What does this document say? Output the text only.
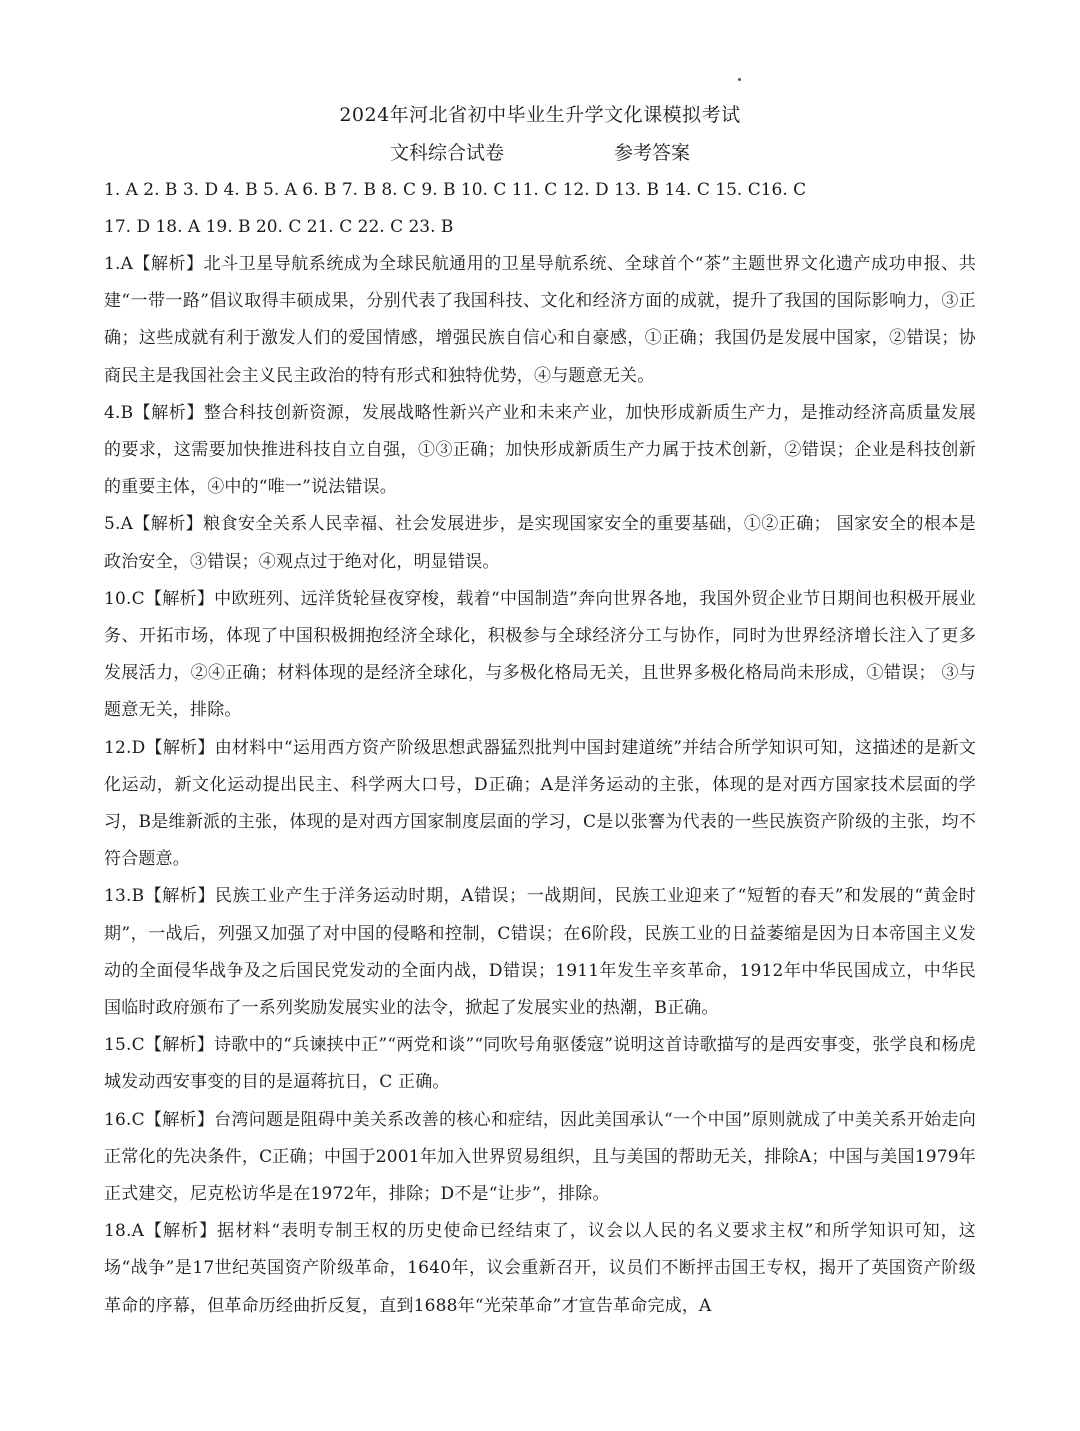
2024年河北省初中毕业生升学文化课模拟考试

文科综合试卷	参考答案

1. A 2. B 3. D 4. B 5. A 6. B 7. B 8. C 9. B 10. C 11. C 12. D 13. B 14. C 15. C16. C

17. D 18. A 19. B 20. C 21. C 22. C 23. B

1.A【解析】北斗卫星导航系统成为全球民航通用的卫星导航系统、全球首个“茶”主题世界文化遗产成功申报、共建“一带一路”倡议取得丰硕成果，分别代表了我国科技、文化和经济方面的成就，提升了我国的国际影响力，③正确；这些成就有利于激发人们的爱国情感，增强民族自信心和自豪感，①正确；我国仍是发展中国家，②错误；协商民主是我国社会主义民主政治的特有形式和独特优势，④与题意无关。

4.B【解析】整合科技创新资源，发展战略性新兴产业和未来产业，加快形成新质生产力，是推动经济高质量发展的要求，这需要加快推进科技自立自强，①③正确；加快形成新质生产力属于技术创新，②错误；企业是科技创新的重要主体，④中的“唯一”说法错误。

5.A【解析】粮食安全关系人民幸福、社会发展进步，是实现国家安全的重要基础，①②正确； 国家安全的根本是政治安全，③错误；④观点过于绝对化，明显错误。

10.C【解析】中欧班列、远洋货轮昼夜穿梭，载着“中国制造”奔向世界各地，我国外贸企业节日期间也积极开展业务、开拓市场，体现了中国积极拥抱经济全球化，积极参与全球经济分工与协作，同时为世界经济增长注入了更多发展活力，②④正确；材料体现的是经济全球化，与多极化格局无关，且世界多极化格局尚未形成，①错误； ③与题意无关，排除。

12.D【解析】由材料中“运用西方资产阶级思想武器猛烈批判中国封建道统”并结合所学知识可知，这描述的是新文化运动，新文化运动提出民主、科学两大口号，D正确；A是洋务运动的主张，体现的是对西方国家技术层面的学习，B是维新派的主张，体现的是对西方国家制度层面的学习，C是以张謇为代表的一些民族资产阶级的主张，均不符合题意。

13.B【解析】民族工业产生于洋务运动时期，A错误；一战期间，民族工业迎来了“短暂的春天”和发展的“黄金时期”，一战后，列强又加强了对中国的侵略和控制，C错误；在6阶段，民族工业的日益萎缩是因为日本帝国主义发动的全面侵华战争及之后国民党发动的全面内战，D错误；1911年发生辛亥革命，1912年中华民国成立，中华民国临时政府颁布了一系列奖励发展实业的法令，掀起了发展实业的热潮，B正确。

15.C【解析】诗歌中的“兵谏挟中正”“两党和谈”“同吹号角驱倭寇”说明这首诗歌描写的是西安事变，张学良和杨虎城发动西安事变的目的是逼蒋抗日，C 正确。

16.C【解析】台湾问题是阻碍中美关系改善的核心和症结，因此美国承认“一个中国”原则就成了中美关系开始走向正常化的先决条件，C正确；中国于2001年加入世界贸易组织，且与美国的帮助无关，排除A；中国与美国1979年正式建交，尼克松访华是在1972年，排除；D不是“让步”，排除。

18.A【解析】据材料“表明专制王权的历史使命已经结束了，议会以人民的名义要求主权”和所学知识可知，这场“战争”是17世纪英国资产阶级革命，1640年，议会重新召开，议员们不断抨击国王专权，揭开了英国资产阶级革命的序幕，但革命历经曲折反复，直到1688年“光荣革命”才宣告革命完成，A
